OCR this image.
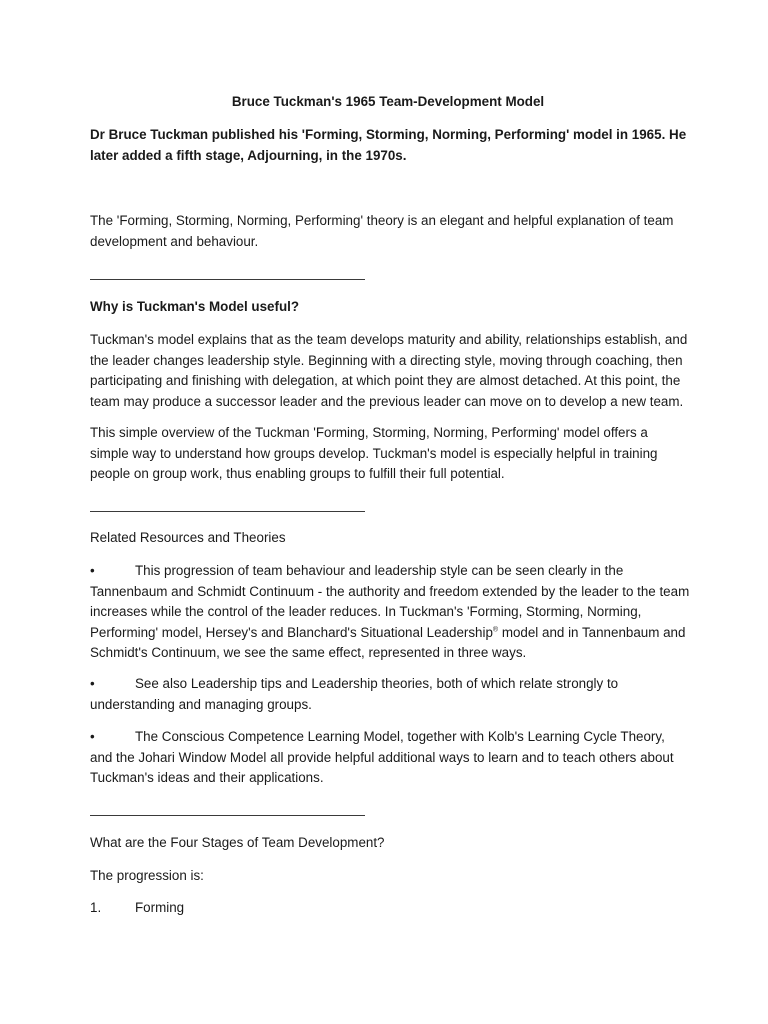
Bruce Tuckman's 1965 Team-Development Model

Dr Bruce Tuckman published his 'Forming, Storming, Norming, Performing' model in 1965. He later added a fifth stage, Adjourning, in the 1970s.

The 'Forming, Storming, Norming, Performing' theory is an elegant and helpful explanation of team development and behaviour.

Why is Tuckman's Model useful?

Tuckman's model explains that as the team develops maturity and ability, relationships establish, and the leader changes leadership style. Beginning with a directing style, moving through coaching, then participating and finishing with delegation, at which point they are almost detached. At this point, the team may produce a successor leader and the previous leader can move on to develop a new team.

This simple overview of the Tuckman 'Forming, Storming, Norming, Performing' model offers a simple way to understand how groups develop. Tuckman's model is especially helpful in training people on group work, thus enabling groups to fulfill their full potential.

Related Resources and Theories

•	This progression of team behaviour and leadership style can be seen clearly in the Tannenbaum and Schmidt Continuum - the authority and freedom extended by the leader to the team increases while the control of the leader reduces. In Tuckman's 'Forming, Storming, Norming, Performing' model, Hersey's and Blanchard's Situational Leadership® model and in Tannenbaum and Schmidt's Continuum, we see the same effect, represented in three ways.

•	See also Leadership tips and Leadership theories, both of which relate strongly to understanding and managing groups.

•	The Conscious Competence Learning Model, together with Kolb's Learning Cycle Theory, and the Johari Window Model all provide helpful additional ways to learn and to teach others about Tuckman's ideas and their applications.

What are the Four Stages of Team Development?

The progression is:

1.	Forming
